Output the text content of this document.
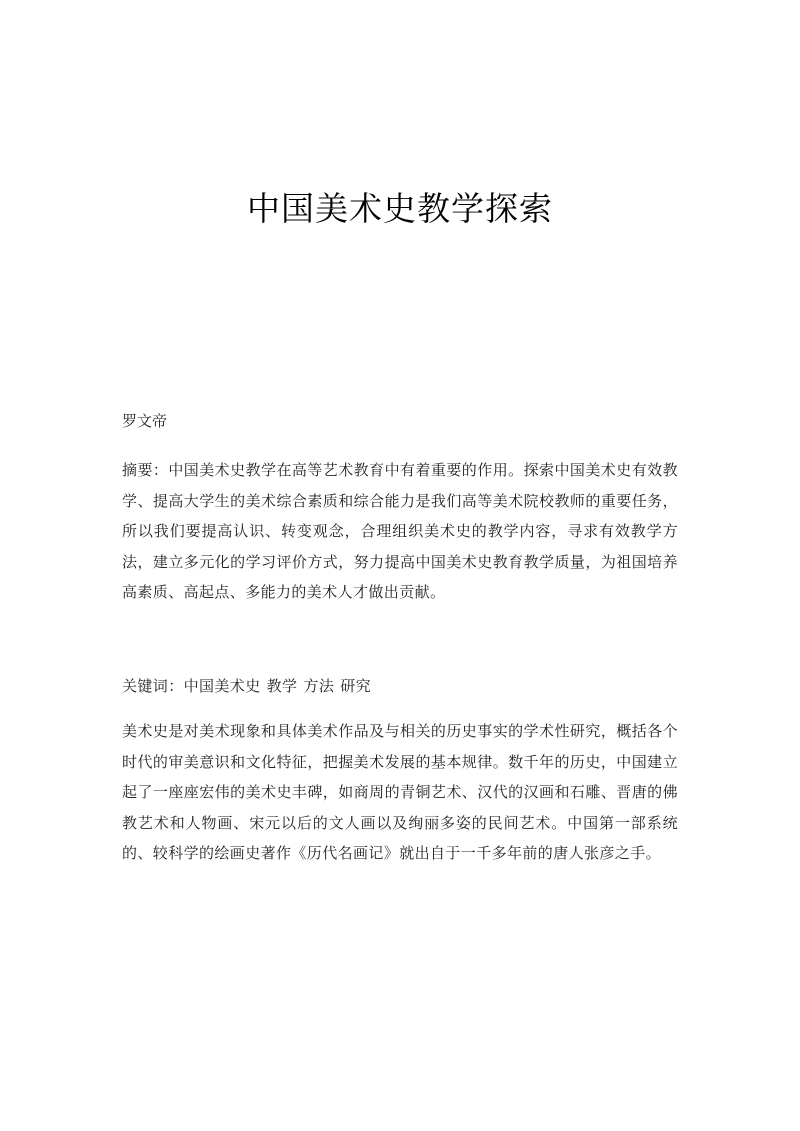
中国美术史教学探索

罗文帝

摘要：中国美术史教学在高等艺术教育中有着重要的作用。探索中国美术史有效教学、提高大学生的美术综合素质和综合能力是我们高等美术院校教师的重要任务，所以我们要提高认识、转变观念，合理组织美术史的教学内容，寻求有效教学方法，建立多元化的学习评价方式，努力提高中国美术史教育教学质量，为祖国培养高素质、高起点、多能力的美术人才做出贡献。

关键词：中国美术史 教学 方法 研究

美术史是对美术现象和具体美术作品及与相关的历史事实的学术性研究，概括各个时代的审美意识和文化特征，把握美术发展的基本规律。数千年的历史，中国建立起了一座座宏伟的美术史丰碑，如商周的青铜艺术、汉代的汉画和石雕、晋唐的佛教艺术和人物画、宋元以后的文人画以及绚丽多姿的民间艺术。中国第一部系统的、较科学的绘画史著作《历代名画记》就出自于一千多年前的唐人张彦之手。
